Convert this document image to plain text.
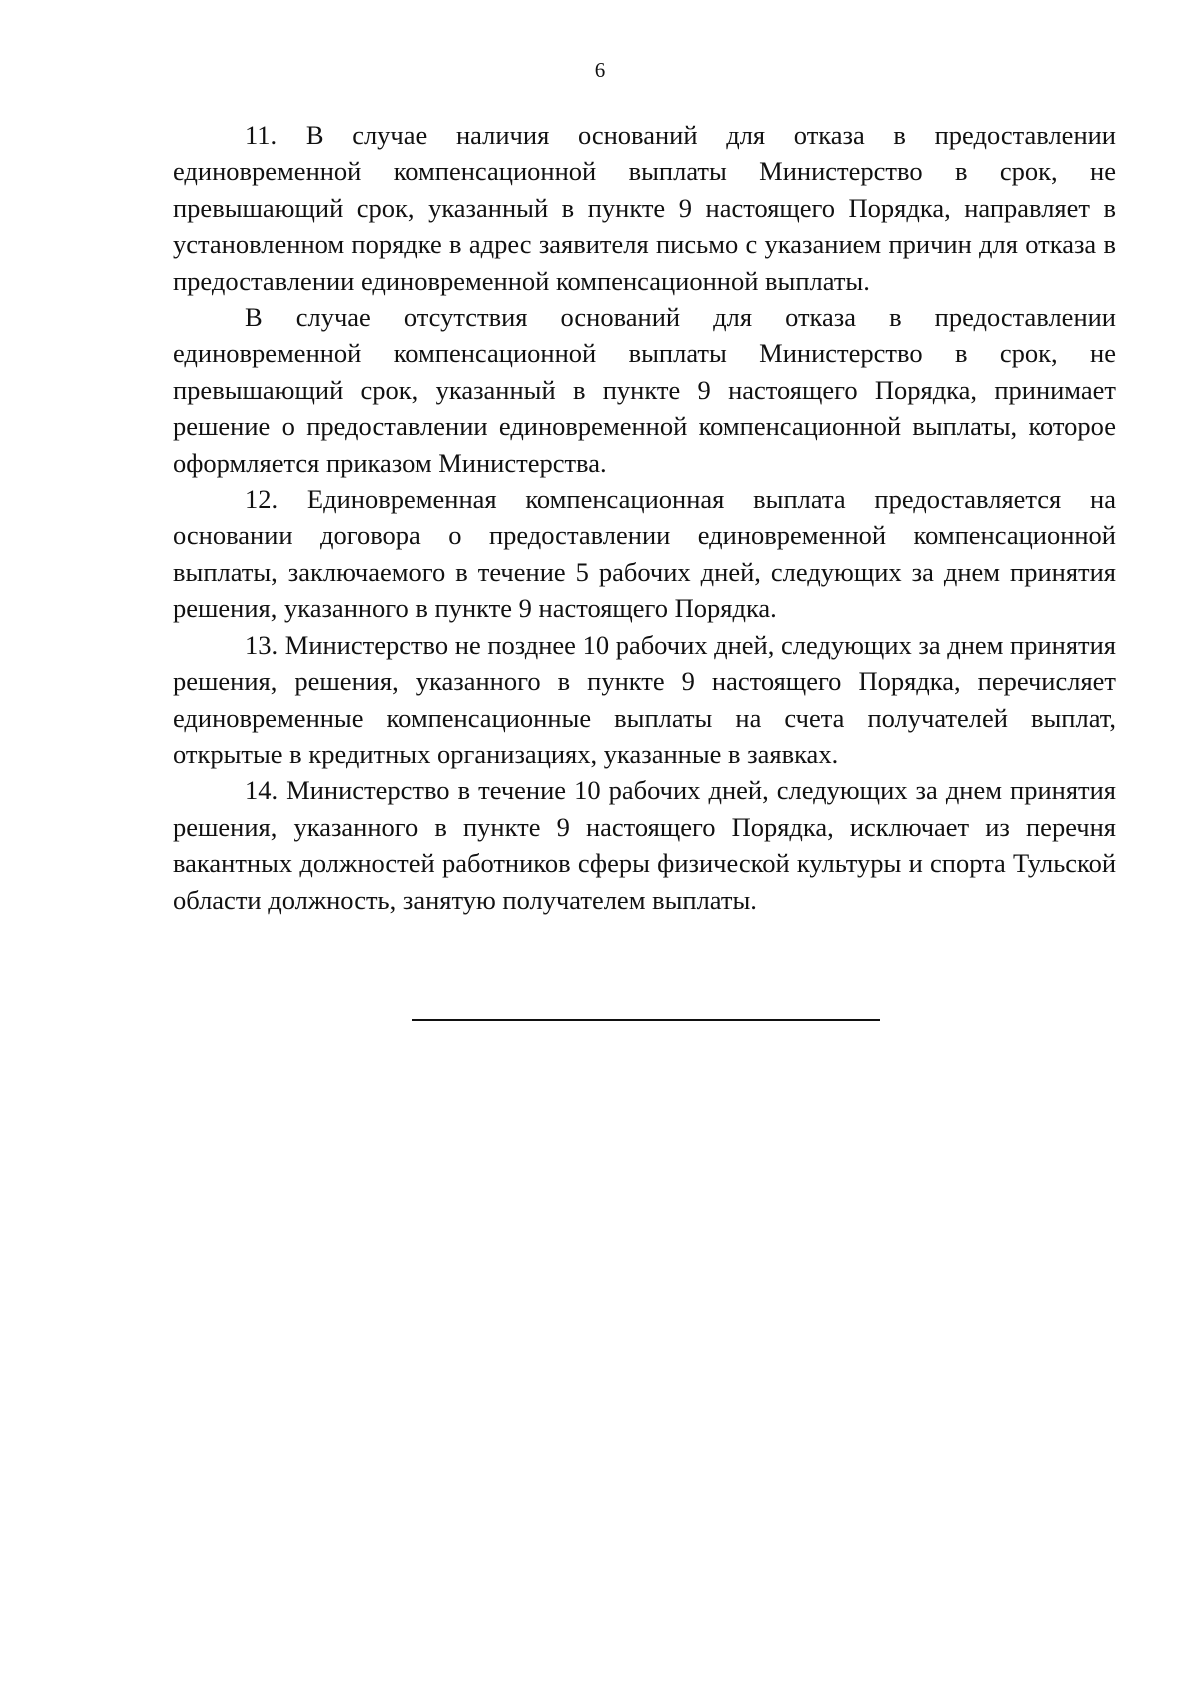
6

11. В случае наличия оснований для отказа в предоставлении единовременной компенсационной выплаты Министерство в срок, не превышающий срок, указанный в пункте 9 настоящего Порядка, направляет в установленном порядке в адрес заявителя письмо с указанием причин для отказа в предоставлении единовременной компенсационной выплаты.

В случае отсутствия оснований для отказа в предоставлении единовременной компенсационной выплаты Министерство в срок, не превышающий срок, указанный в пункте 9 настоящего Порядка, принимает решение о предоставлении единовременной компенсационной выплаты, которое оформляется приказом Министерства.

12. Единовременная компенсационная выплата предоставляется на основании договора о предоставлении единовременной компенсационной выплаты, заключаемого в течение 5 рабочих дней, следующих за днем принятия решения, указанного в пункте 9 настоящего Порядка.

13. Министерство не позднее 10 рабочих дней, следующих за днем принятия решения, решения, указанного в пункте 9 настоящего Порядка, перечисляет единовременные компенсационные выплаты на счета получателей выплат, открытые в кредитных организациях, указанные в заявках.

14. Министерство в течение 10 рабочих дней, следующих за днем принятия решения, указанного в пункте 9 настоящего Порядка, исключает из перечня вакантных должностей работников сферы физической культуры и спорта Тульской области должность, занятую получателем выплаты.
